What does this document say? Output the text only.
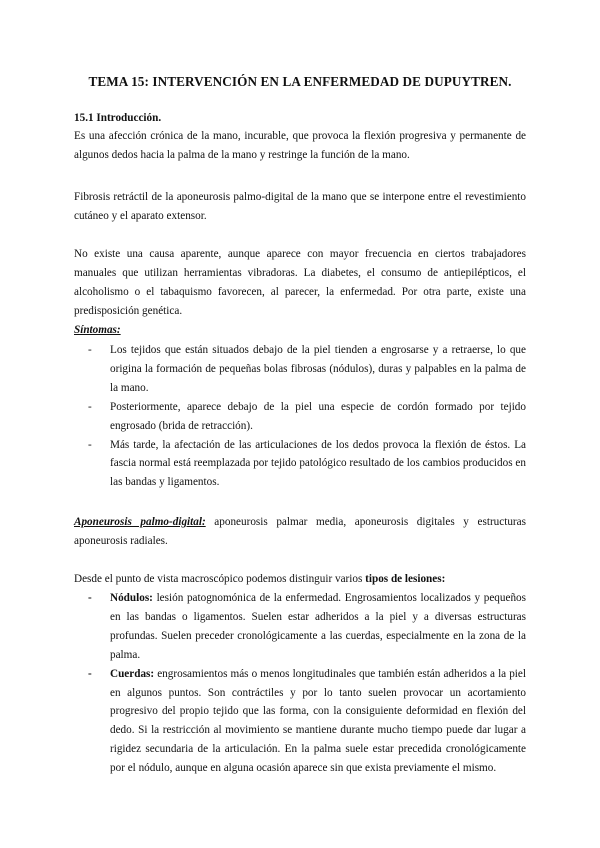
TEMA 15: INTERVENCIÓN EN LA ENFERMEDAD DE DUPUYTREN.

15.1 Introducción.

Es una afección crónica de la mano, incurable, que provoca la flexión progresiva y permanente de algunos dedos hacia la palma de la mano y restringe la función de la mano.

Fibrosis retráctil de la aponeurosis palmo-digital de la mano que se interpone entre el revestimiento cutáneo y el aparato extensor.

No existe una causa aparente, aunque aparece con mayor frecuencia en ciertos trabajadores manuales que utilizan herramientas vibradoras. La diabetes, el consumo de antiepilépticos, el alcoholismo o el tabaquismo favorecen, al parecer, la enfermedad. Por otra parte, existe una predisposición genética.

Síntomas:

- Los tejidos que están situados debajo de la piel tienden a engrosarse y a retraerse, lo que origina la formación de pequeñas bolas fibrosas (nódulos), duras y palpables en la palma de la mano.
- Posteriormente, aparece debajo de la piel una especie de cordón formado por tejido engrosado (brida de retracción).
- Más tarde, la afectación de las articulaciones de los dedos provoca la flexión de éstos. La fascia normal está reemplazada por tejido patológico resultado de los cambios producidos en las bandas y ligamentos.

Aponeurosis palmo-digital: aponeurosis palmar media, aponeurosis digitales y estructuras aponeurosis radiales.

Desde el punto de vista macroscópico podemos distinguir varios tipos de lesiones:

- Nódulos: lesión patognomónica de la enfermedad. Engrosamientos localizados y pequeños en las bandas o ligamentos. Suelen estar adheridos a la piel y a diversas estructuras profundas. Suelen preceder cronológicamente a las cuerdas, especialmente en la zona de la palma.
- Cuerdas: engrosamientos más o menos longitudinales que también están adheridos a la piel en algunos puntos. Son contráctiles y por lo tanto suelen provocar un acortamiento progresivo del propio tejido que las forma, con la consiguiente deformidad en flexión del dedo. Si la restricción al movimiento se mantiene durante mucho tiempo puede dar lugar a rigidez secundaria de la articulación. En la palma suele estar precedida cronológicamente por el nódulo, aunque en alguna ocasión aparece sin que exista previamente el mismo.
